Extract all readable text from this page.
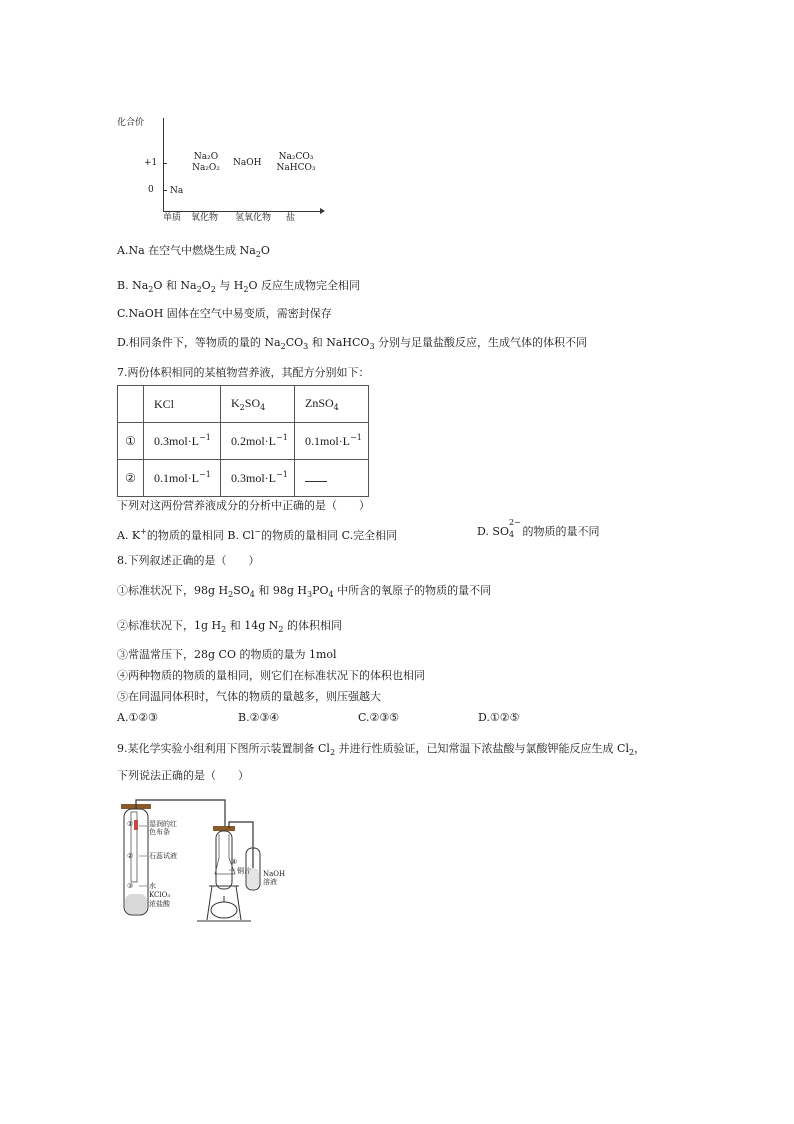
化合价
+1
0 Na
Na₂O
Na₂O₂	NaOH
Na₂CO₃
NaHCO₃
单质 氧化物 氢氧化物 盐
A.Na 在空气中燃烧生成 $Na_2O$
B. $Na_2O$ 和 $Na_2O_2$ 与 $H_2O$ 反应生成物完全相同
C.NaOH 固体在空气中易变质，需密封保存
D.相同条件下，等物质的量的 $Na_2CO_3$ 和 NaHCO$_3$ 分别与足量盐酸反应，生成气体的体积不同
7.两份体积相同的某植物营养液，其配方分别如下：
	KCl	$K_2SO_4$	ZnSO$_4$
①	$0.3mol\cdot L^{-1}$	$0.2mol\cdot L^{-1}$	$0.1mol\cdot L^{-1}$
②	$0.1mol\cdot L^{-1}$	$0.3mol\cdot L^{-1}$	
下列对这两份营养液成分的分析中正确的是（　　）
A. K+的物质的量相同 B. Cl−的物质的量相同 C.完全相同	D. SO
2−
4 的物质的量不同
8.下列叙述正确的是（　　）
①标准状况下，98g $H_2SO_4$ 和 98g $H_3PO_4$ 中所含的氧原子的物质的量不同
②标准状况下，1g $H_2$ 和 14g $N_2$ 的体积相同
③常温常压下，28g CO 的物质的量为 1mol
④两种物质的物质的量相同，则它们在标准状况下的体积也相同
⑤在同温同体积时，气体的物质的量越多，则压强越大
A.①②③	B.②③④	C.②③⑤	D.①②⑤
9.某化学实验小组利用下图所示装置制备 $Cl_2$ 并进行性质验证，已知常温下浓盐酸与氯酸钾能反应生成 $Cl_2$，
下列说法正确的是（　　）
①
②
③
④
湿润的红
色布条
石蕊试液
水
KClO₃
浓盐酸
铜片 NaOH
溶液
